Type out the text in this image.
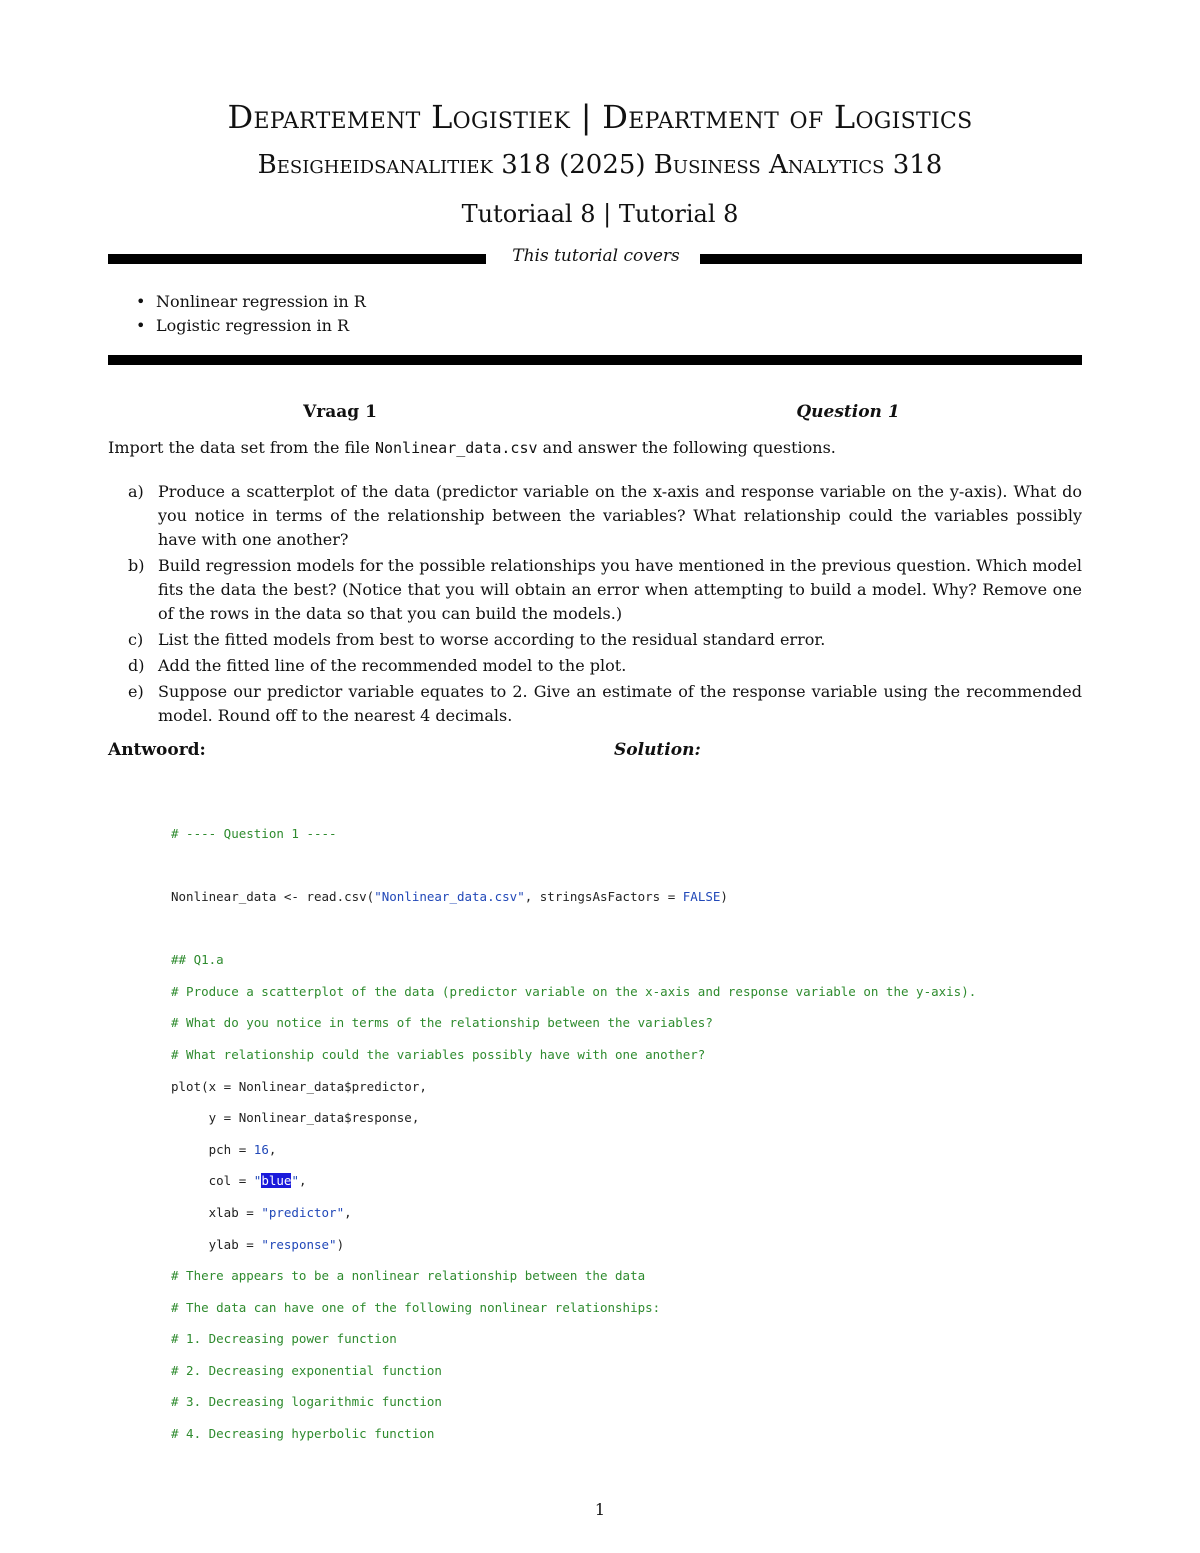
Departement Logistiek | Department of Logistics
Besigheidsanalitiek 318 (2025) Business Analytics 318
Tutoriaal 8 | Tutorial 8
This tutorial covers
• Nonlinear regression in R
• Logistic regression in R
Vraag 1	Question 1
Import the data set from the file Nonlinear_data.csv and answer the following questions.
a) Produce a scatterplot of the data (predictor variable on the x-axis and response variable on the y-axis). What do you notice in terms of the relationship between the variables? What relationship could the variables possibly have with one another?
b) Build regression models for the possible relationships you have mentioned in the previous question. Which model fits the data the best? (Notice that you will obtain an error when attempting to build a model. Why? Remove one of the rows in the data so that you can build the models.)
c) List the fitted models from best to worse according to the residual standard error.
d) Add the fitted line of the recommended model to the plot.
e) Suppose our predictor variable equates to 2. Give an estimate of the response variable using the recommended model. Round off to the nearest 4 decimals.
Antwoord:	Solution:

# ---- Question 1 ----

Nonlinear_data <- read.csv("Nonlinear_data.csv", stringsAsFactors = FALSE)

## Q1.a

# Produce a scatterplot of the data (predictor variable on the x-axis and response variable on the y-axis).

# What do you notice in terms of the relationship between the variables?

# What relationship could the variables possibly have with one another?

plot(x = Nonlinear_data$predictor,

y = Nonlinear_data$response,

pch = 16,

col = "blue",

xlab = "predictor",

ylab = "response")

# There appears to be a nonlinear relationship between the data

# The data can have one of the following nonlinear relationships:

# 1. Decreasing power function

# 2. Decreasing exponential function

# 3. Decreasing logarithmic function

# 4. Decreasing hyperbolic function

1
